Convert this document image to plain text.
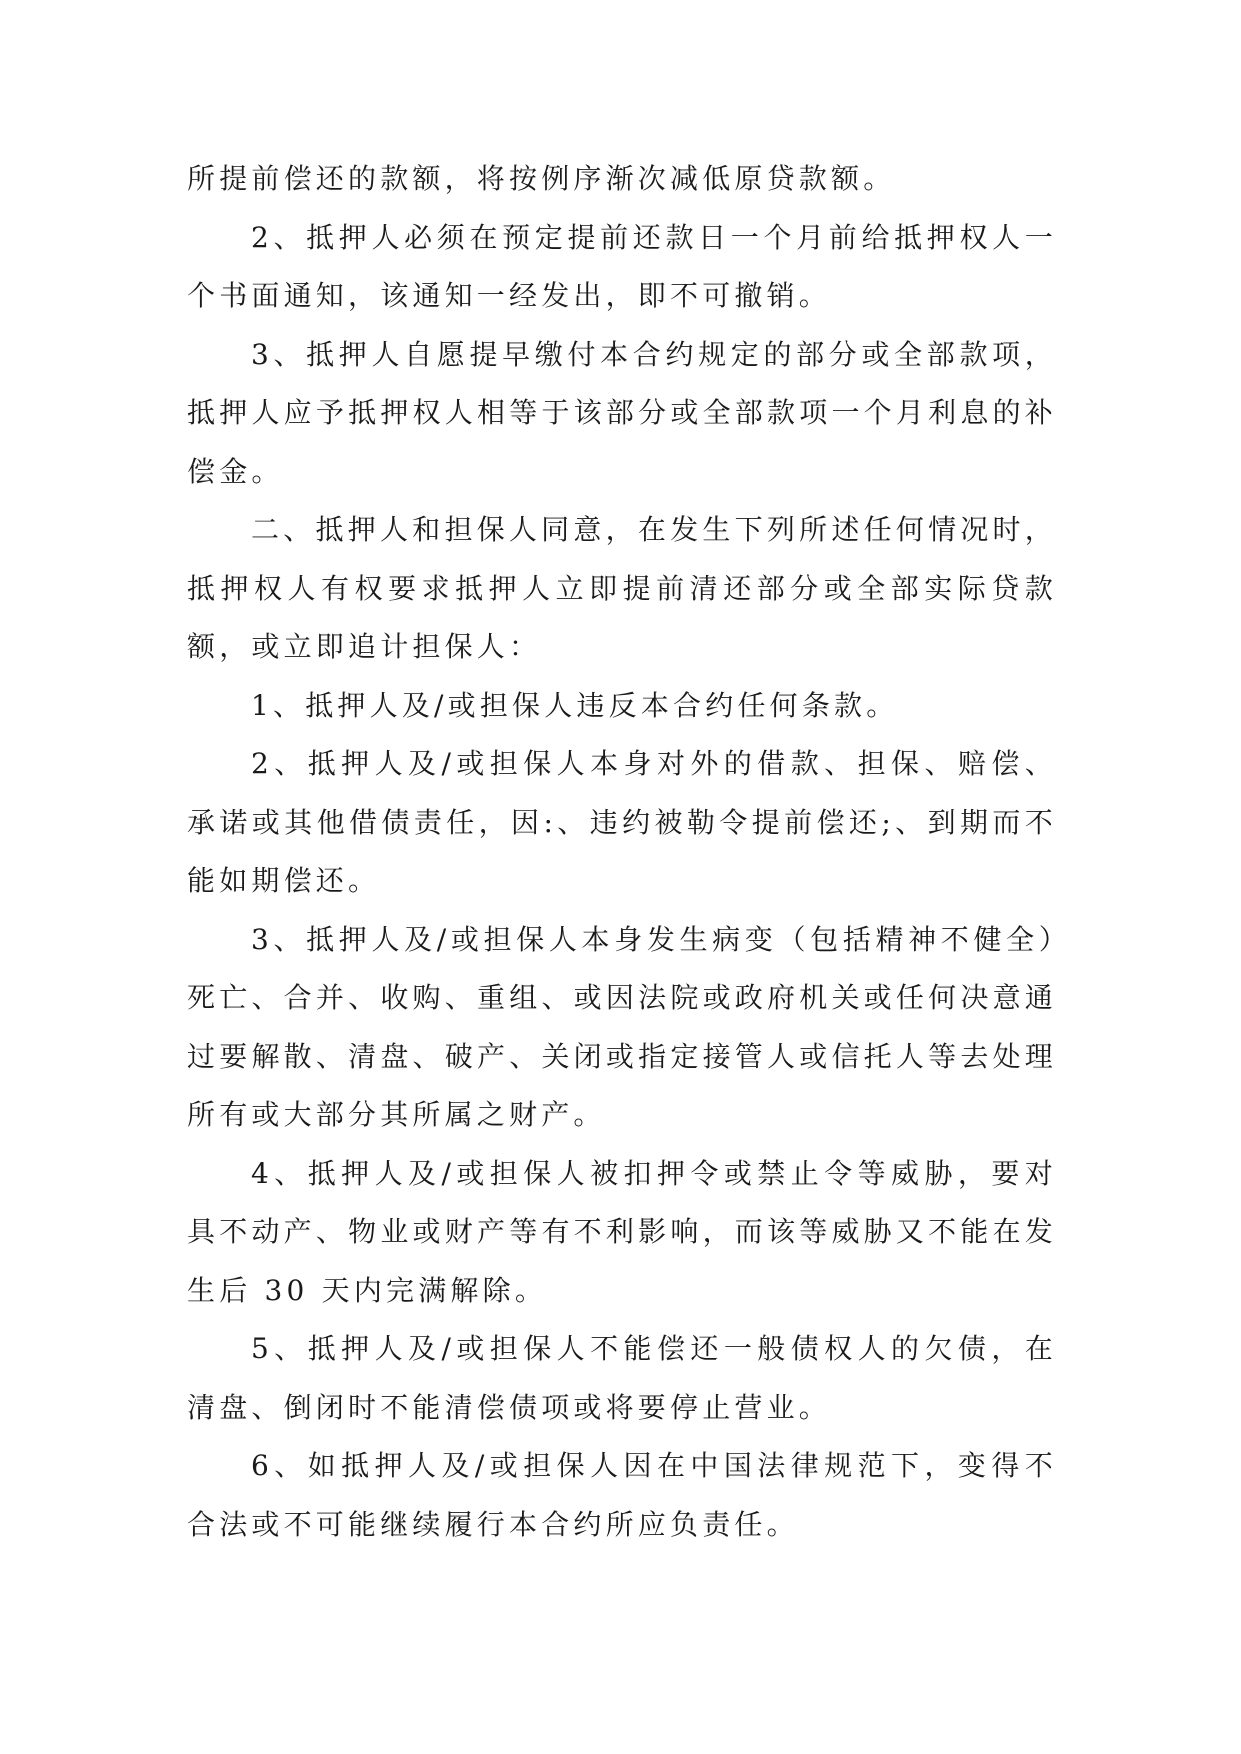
所提前偿还的款额，将按例序渐次减低原贷款额。

2、抵押人必须在预定提前还款日一个月前给抵押权人一个书面通知，该通知一经发出，即不可撤销。

3、抵押人自愿提早缴付本合约规定的部分或全部款项，抵押人应予抵押权人相等于该部分或全部款项一个月利息的补偿金。

二、抵押人和担保人同意，在发生下列所述任何情况时，抵押权人有权要求抵押人立即提前清还部分或全部实际贷款额，或立即追计担保人：

1、抵押人及/或担保人违反本合约任何条款。

2、抵押人及/或担保人本身对外的借款、担保、赔偿、承诺或其他借债责任，因:、违约被勒令提前偿还;、到期而不能如期偿还。

3、抵押人及/或担保人本身发生病变（包括精神不健全）死亡、合并、收购、重组、或因法院或政府机关或任何决意通过要解散、清盘、破产、关闭或指定接管人或信托人等去处理所有或大部分其所属之财产。

4、抵押人及/或担保人被扣押令或禁止令等威胁，要对具不动产、物业或财产等有不利影响，而该等威胁又不能在发生后 30 天内完满解除。

5、抵押人及/或担保人不能偿还一般债权人的欠债，在清盘、倒闭时不能清偿债项或将要停止营业。

6、如抵押人及/或担保人因在中国法律规范下，变得不合法或不可能继续履行本合约所应负责任。
